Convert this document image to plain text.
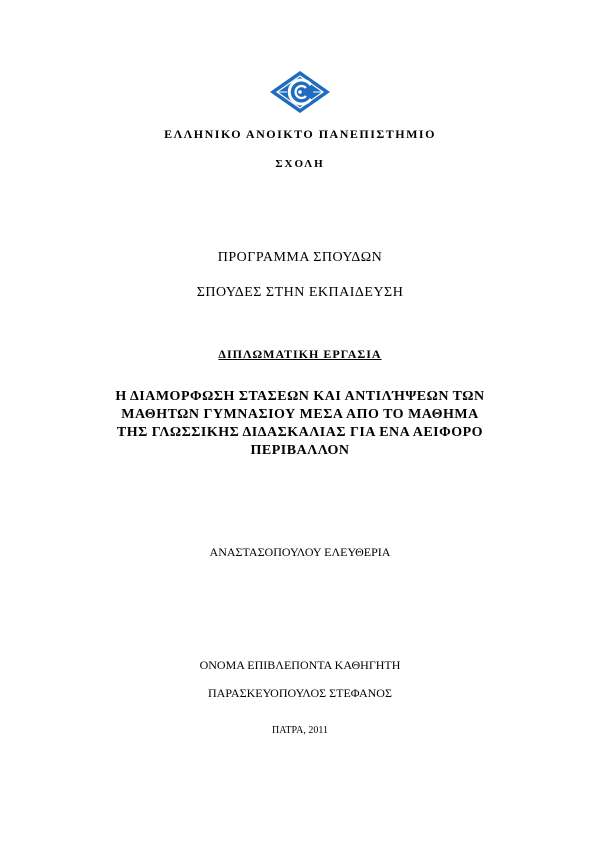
ΕΛΛΗΝΙΚΟ ΑΝΟΙΚΤΟ ΠΑΝΕΠΙΣΤΗΜΙΟ
ΣΧΟΛΗ
ΠΡΟΓΡΑΜΜΑ ΣΠΟΥΔΩΝ
ΣΠΟΥΔΕΣ ΣΤΗΝ ΕΚΠΑΙΔΕΥΣΗ
ΔΙΠΛΩΜΑΤΙΚΗ ΕΡΓΑΣΙΑ
Η ΔΙΑΜΟΡΦΩΣΗ ΣΤΑΣΕΩΝ ΚΑΙ ΑΝΤΙΛΉΨΕΩΝ ΤΩΝ
ΜΑΘΗΤΩΝ ΓΥΜΝΑΣΙΟΥ ΜΕΣΑ ΑΠΟ ΤΟ ΜΑΘΗΜΑ
ΤΗΣ ΓΛΩΣΣΙΚΗΣ ΔΙΔΑΣΚΑΛΙΑΣ ΓΙΑ ΕΝΑ ΑΕΙΦΟΡΟ
ΠΕΡΙΒΑΛΛΟΝ
ΑΝΑΣΤΑΣΟΠΟΥΛΟΥ ΕΛΕΥΘΕΡΙΑ
ΟΝΟΜΑ ΕΠΙΒΛΕΠΟΝΤΑ ΚΑΘΗΓΗΤΗ
ΠΑΡΑΣΚΕΥΟΠΟΥΛΟΣ ΣΤΕΦΑΝΟΣ
ΠΑΤΡΑ, 2011
